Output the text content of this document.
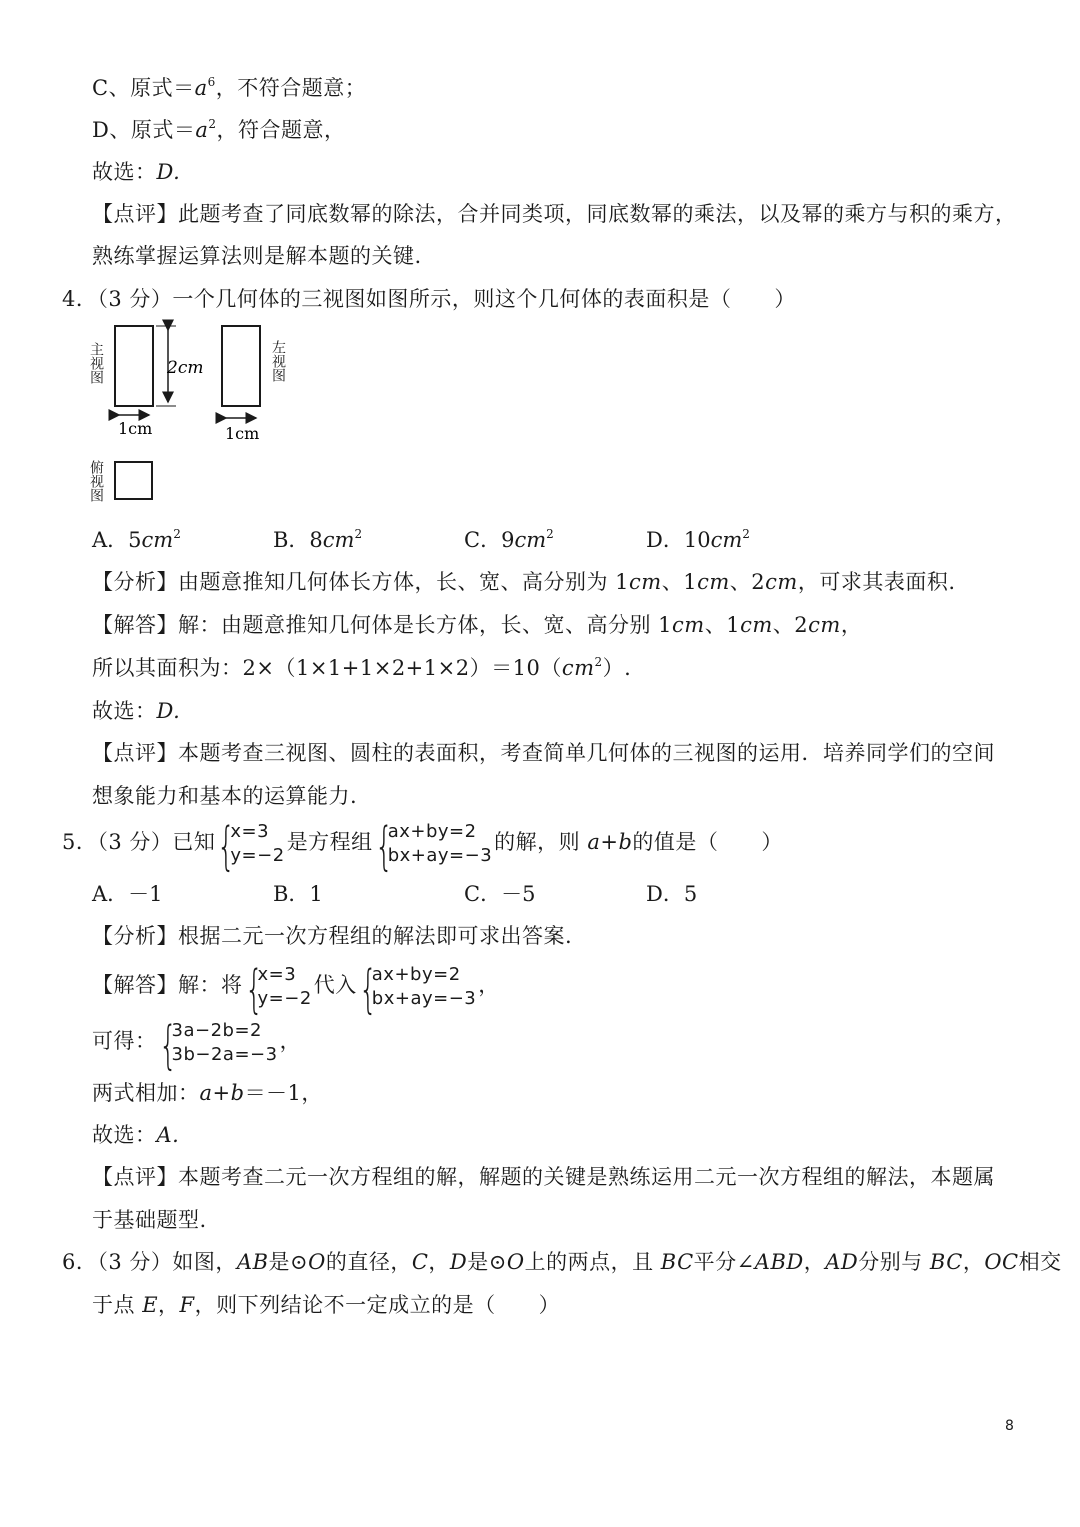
C、原式$=a^6$，不符合题意；
D、原式$=a^2$，符合题意，
故选：D.
【点评】此题考查了同底数幂的除法，合并同类项，同底数幂的乘法，以及幂的乘方与积的乘方，
熟练掌握运算法则是解本题的关键.
4．（3 分）一个几何体的三视图如图所示，则这个几何体的表面积是（　　）
2cm
1cm	1cm
主视图	左视图
俯视图
A．$5cm^2$	B．$8cm^2$	C．$9cm^2$	D．$10cm^2$
【分析】由题意推知几何体长方体，长、宽、高分别为 1cm、1cm、2cm，可求其表面积.
【解答】解：由题意推知几何体是长方体，长、宽、高分别 1cm、1cm、2cm，
所以其面积为：$2\times(1\times 1+1\times 2+1\times 2)=10(cm^2)$.
故选：D.
【点评】本题考查三视图、圆柱的表面积，考查简单几何体的三视图的运用．培养同学们的空间
想象能力和基本的运算能力.
5．（3 分）已知 {
x=3
y=−2
是方程组 {
ax+by=2
bx+ay=−3
的解，则 a+b的值是（　　）
A．－1	B．1	C．－5	D．5
【分析】根据二元一次方程组的解法即可求出答案.
【解答】解：将 {
x=3
y=−2
代入 {
ax+by=2
bx+ay=−3
，
可得： {
3a−2b=2
3b−2a=−3
，
两式相加：a+b＝－1，
故选：A.
【点评】本题考查二元一次方程组的解，解题的关键是熟练运用二元一次方程组的解法，本题属
于基础题型.
6．（3 分）如图，AB是⊙O的直径，C，D是⊙O上的两点，且 BC平分∠ABD，AD分别与 BC，OC相交
于点 E，F，则下列结论不一定成立的是（　　）
8
